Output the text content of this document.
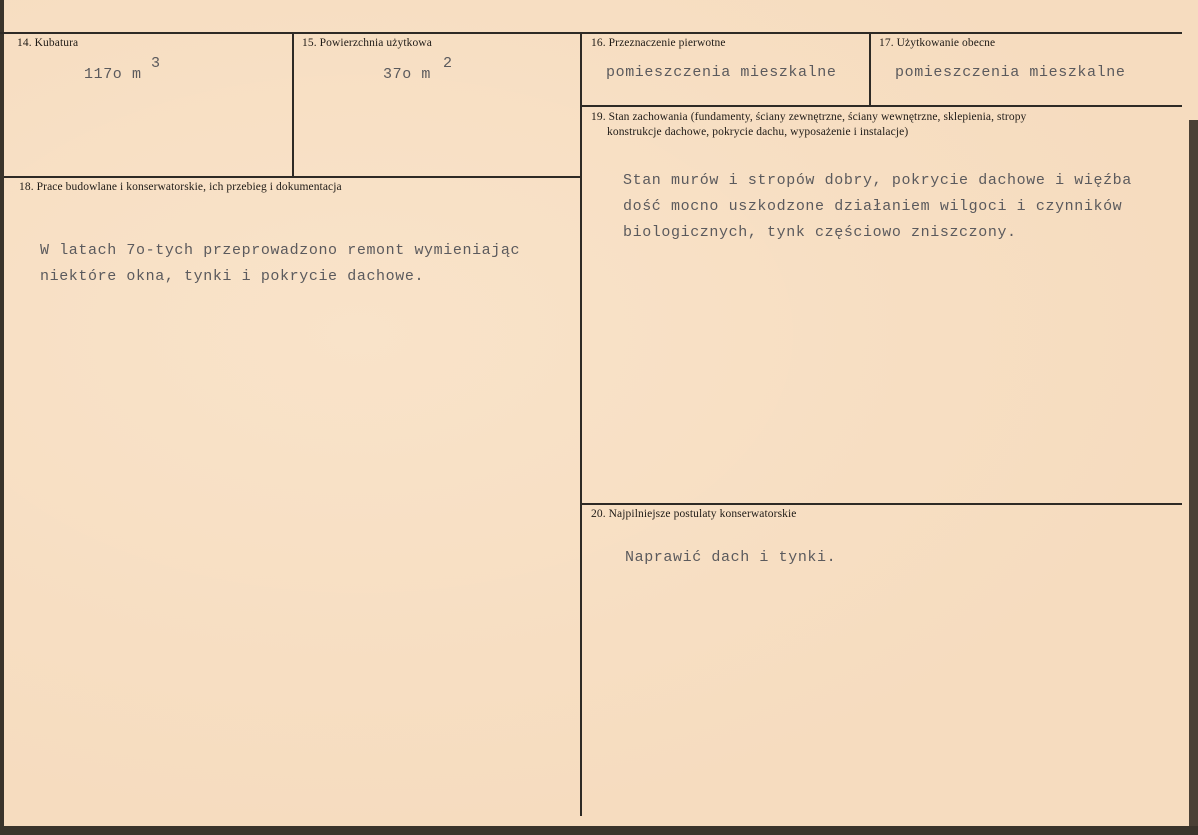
14. Kubatura
117o m
3
15. Powierzchnia użytkowa
37o m
2
16. Przeznaczenie pierwotne
pomieszczenia mieszkalne
17. Użytkowanie obecne
pomieszczenia mieszkalne
18. Prace budowlane i konserwatorskie, ich przebieg i dokumentacja
W latach 7o-tych przeprowadzono remont wymieniając
niektóre okna, tynki i pokrycie dachowe.
19. Stan zachowania (fundamenty, ściany zewnętrzne, ściany wewnętrzne, sklepienia, stropy
konstrukcje dachowe, pokrycie dachu, wyposażenie i instalacje)
Stan murów i stropów dobry, pokrycie dachowe i więźba
dość mocno uszkodzone działaniem wilgoci i czynników
biologicznych, tynk częściowo zniszczony.
20. Najpilniejsze postulaty konserwatorskie
Naprawić dach i tynki.
